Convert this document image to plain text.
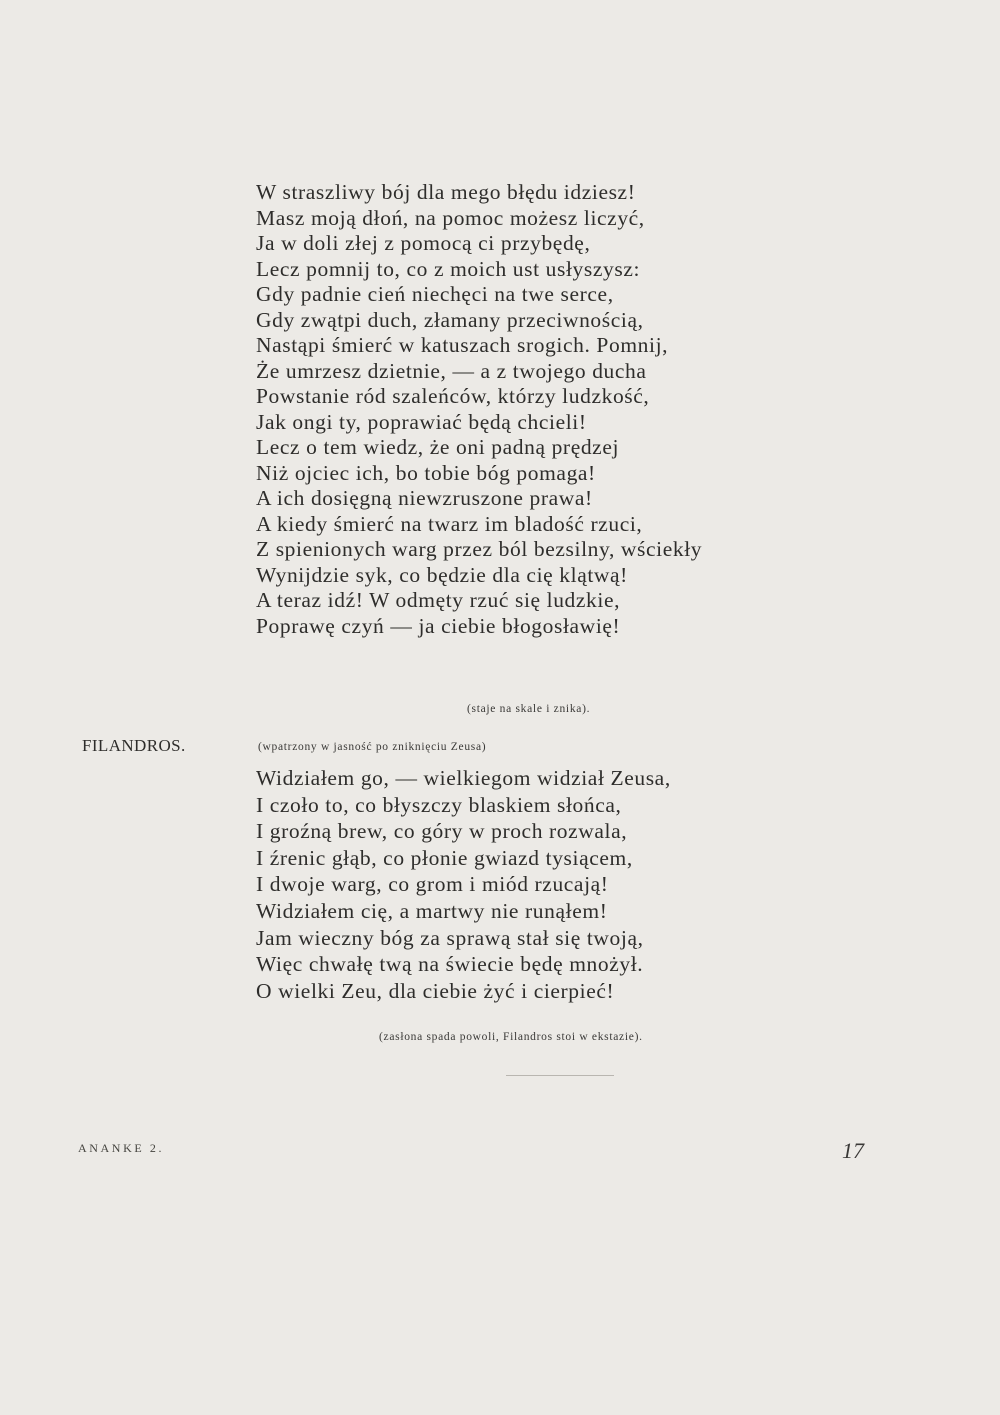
W straszliwy bój dla mego błędu idziesz!
Masz moją dłoń, na pomoc możesz liczyć,
Ja w doli złej z pomocą ci przybędę,
Lecz pomnij to, co z moich ust usłyszysz:
Gdy padnie cień niechęci na twe serce,
Gdy zwątpi duch, złamany przeciwnością,
Nastąpi śmierć w katuszach srogich. Pomnij,
Że umrzesz dzietnie, — a z twojego ducha
Powstanie ród szaleńców, którzy ludzkość,
Jak ongi ty, poprawiać będą chcieli!
Lecz o tem wiedz, że oni padną prędzej
Niż ojciec ich, bo tobie bóg pomaga!
A ich dosięgną niewzruszone prawa!
A kiedy śmierć na twarz im bladość rzuci,
Z spienionych warg przez ból bezsilny, wściekły
Wynijdzie syk, co będzie dla cię klątwą!
A teraz idź! W odmęty rzuć się ludzkie,
Poprawę czyń — ja ciebie błogosławię!
(staje na skale i znika).
FILANDROS.	(wpatrzony w jasność po zniknięciu Zeusa)
Widziałem go, — wielkiegom widział Zeusa,
I czoło to, co błyszczy blaskiem słońca,
I groźną brew, co góry w proch rozwala,
I źrenic głąb, co płonie gwiazd tysiącem,
I dwoje warg, co grom i miód rzucają!
Widziałem cię, a martwy nie runąłem!
Jam wieczny bóg za sprawą stał się twoją,
Więc chwałę twą na świecie będę mnożył.
O wielki Zeu, dla ciebie żyć i cierpieć!
(zasłona spada powoli, Filandros stoi w ekstazie).
ANANKE 2.	17
